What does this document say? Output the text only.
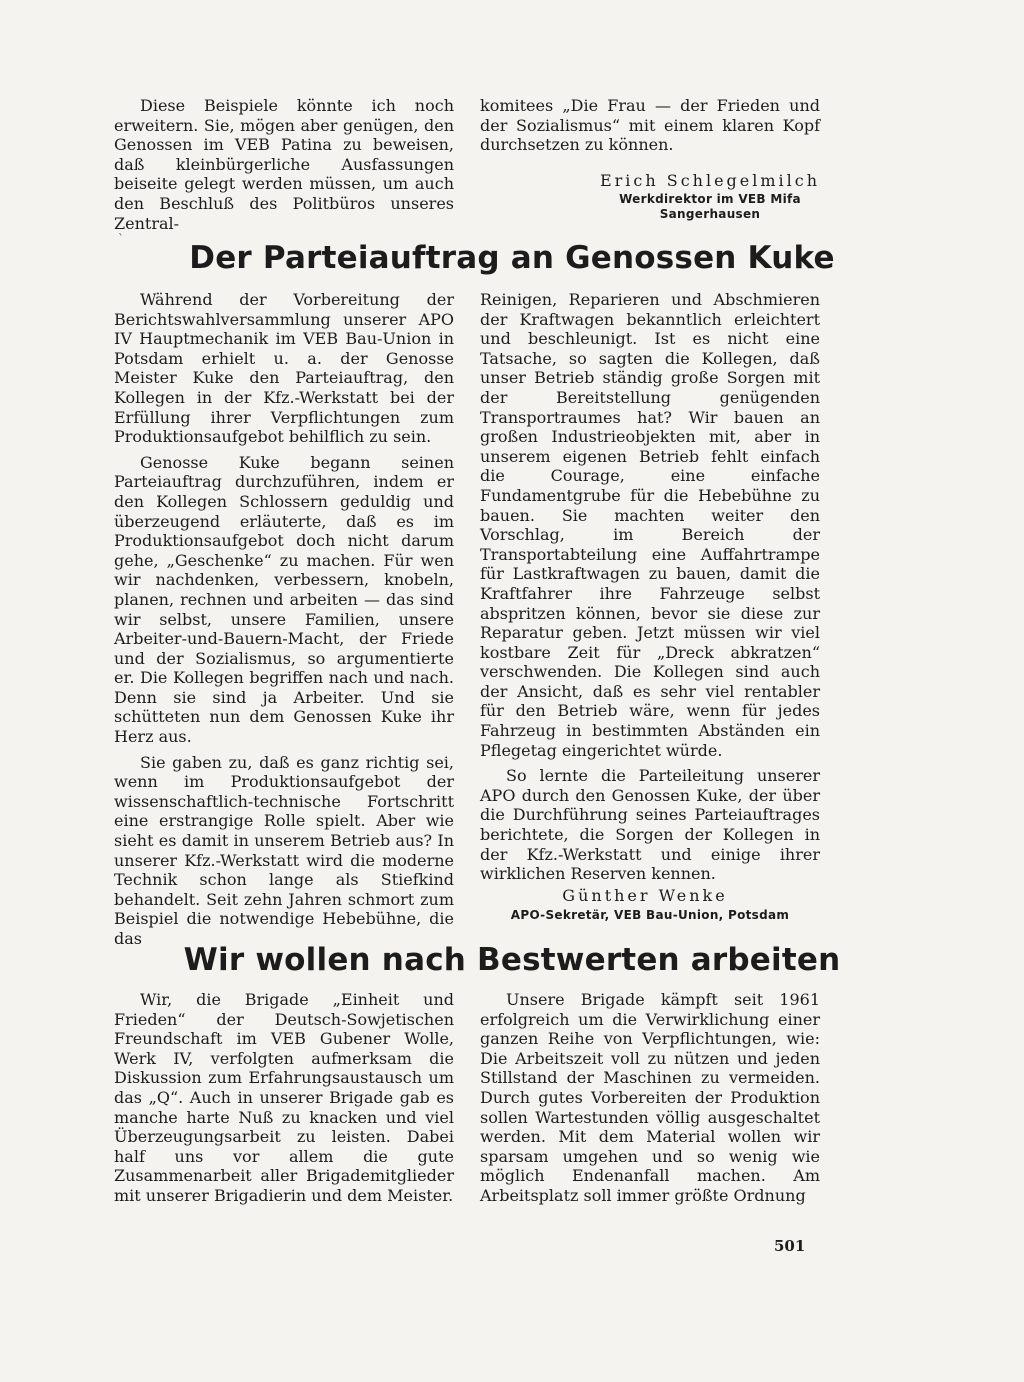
Diese Beispiele könnte ich noch erweitern. Sie, mögen aber genügen, den Genossen im VEB Patina zu beweisen, daß kleinbürgerliche Ausfassungen beiseite gelegt werden müssen, um auch den Beschluß des Politbüros unseres Zentral-

komitees „Die Frau — der Frieden und der Sozialismus“ mit einem klaren Kopf durchsetzen zu können.

Erich Schlegelmilch
Werkdirektor im VEB Mifa Sangerhausen
ˋ
Der Parteiauftrag an Genossen Kuke

Während der Vorbereitung der Berichtswahlversammlung unserer APO IV Hauptmechanik im VEB Bau-Union in Potsdam erhielt u. a. der Genosse Meister Kuke den Parteiauftrag, den Kollegen in der Kfz.-Werkstatt bei der Erfüllung ihrer Verpflichtungen zum Produktionsaufgebot behilflich zu sein.

Genosse Kuke begann seinen Parteiauftrag durchzuführen, indem er den Kollegen Schlossern geduldig und überzeugend erläuterte, daß es im Produktionsaufgebot doch nicht darum gehe, „Geschenke“ zu machen. Für wen wir nachdenken, verbessern, knobeln, planen, rechnen und arbeiten — das sind wir selbst, unsere Familien, unsere Arbeiter-und-Bauern-Macht, der Friede und der Sozialismus, so argumentierte er. Die Kollegen begriffen nach und nach. Denn sie sind ja Arbeiter. Und sie schütteten nun dem Genossen Kuke ihr Herz aus.

Sie gaben zu, daß es ganz richtig sei, wenn im Produktionsaufgebot der wissenschaftlich-technische Fortschritt eine erstrangige Rolle spielt. Aber wie sieht es damit in unserem Betrieb aus? In unserer Kfz.-Werkstatt wird die moderne Technik schon lange als Stiefkind behandelt. Seit zehn Jahren schmort zum Beispiel die notwendige Hebebühne, die das

Reinigen, Reparieren und Abschmieren der Kraftwagen bekanntlich erleichtert und beschleunigt. Ist es nicht eine Tatsache, so sagten die Kollegen, daß unser Betrieb ständig große Sorgen mit der Bereitstellung genügenden Transportraumes hat? Wir bauen an großen Industrieobjekten mit, aber in unserem eigenen Betrieb fehlt einfach die Courage, eine einfache Fundamentgrube für die Hebebühne zu bauen. Sie machten weiter den Vorschlag, im Bereich der Transportabteilung eine Auffahrtrampe für Lastkraftwagen zu bauen, damit die Kraftfahrer ihre Fahrzeuge selbst abspritzen können, bevor sie diese zur Reparatur geben. Jetzt müssen wir viel kostbare Zeit für „Dreck abkratzen“ verschwenden. Die Kollegen sind auch der Ansicht, daß es sehr viel rentabler für den Betrieb wäre, wenn für jedes Fahrzeug in bestimmten Abständen ein Pflegetag eingerichtet würde.

So lernte die Parteileitung unserer APO durch den Genossen Kuke, der über die Durchführung seines Parteiauftrages berichtete, die Sorgen der Kollegen in der Kfz.-Werkstatt und einige ihrer wirklichen Reserven kennen.

Günther Wenke
APO-Sekretär, VEB Bau-Union, Potsdam
Wir wollen nach Bestwerten arbeiten

Wir, die Brigade „Einheit und Frieden“ der Deutsch-Sowjetischen Freundschaft im VEB Gubener Wolle, Werk IV, verfolgten aufmerksam die Diskussion zum Erfahrungsaustausch um das „Q“. Auch in unserer Brigade gab es manche harte Nuß zu knacken und viel Überzeugungsarbeit zu leisten. Dabei half uns vor allem die gute Zusammenarbeit aller Brigademitglieder mit unserer Brigadierin und dem Meister.

Unsere Brigade kämpft seit 1961 erfolgreich um die Verwirklichung einer ganzen Reihe von Verpflichtungen, wie: Die Arbeitszeit voll zu nützen und jeden Stillstand der Maschinen zu vermeiden. Durch gutes Vorbereiten der Produktion sollen Wartestunden völlig ausgeschaltet werden. Mit dem Material wollen wir sparsam umgehen und so wenig wie möglich Endenanfall machen. Am Arbeitsplatz soll immer größte Ordnung

501
